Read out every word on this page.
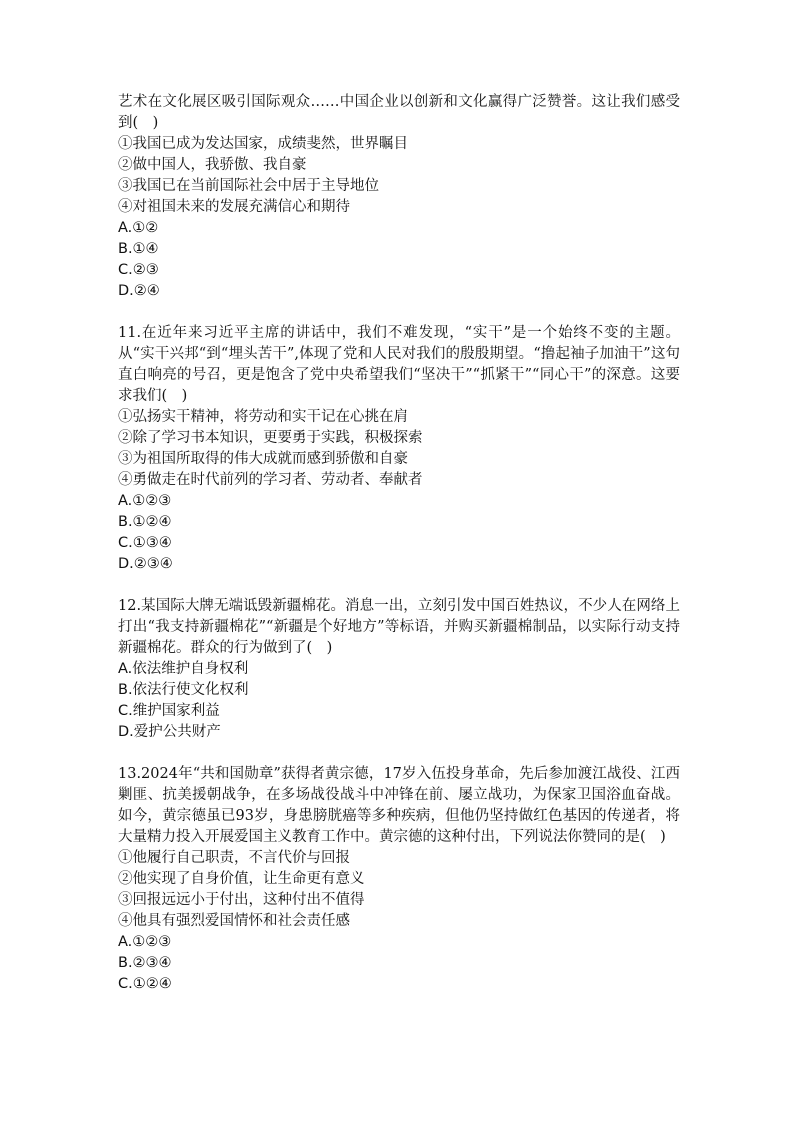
艺术在文化展区吸引国际观众……中国企业以创新和文化赢得广泛赞誉。这让我们感受到(　)

①我国已成为发达国家，成绩斐然，世界瞩目

②做中国人，我骄傲、我自豪

③我国已在当前国际社会中居于主导地位

④对祖国未来的发展充满信心和期待

A.①②

B.①④

C.②③

D.②④

11.在近年来习近平主席的讲话中，我们不难发现，“实干”是一个始终不变的主题。从“实干兴邦“到“埋头苦干”,体现了党和人民对我们的殷殷期望。“撸起袖子加油干”这句直白响亮的号召，更是饱含了党中央希望我们“坚决干”“抓紧干”“同心干”的深意。这要求我们(　)

①弘扬实干精神，将劳动和实干记在心挑在肩

②除了学习书本知识，更要勇于实践，积极探索

③为祖国所取得的伟大成就而感到骄傲和自豪

④勇做走在时代前列的学习者、劳动者、奉献者

A.①②③

B.①②④

C.①③④

D.②③④

12.某国际大牌无端诋毁新疆棉花。消息一出，立刻引发中国百姓热议，不少人在网络上打出“我支持新疆棉花”“新疆是个好地方”等标语，并购买新疆棉制品，以实际行动支持新疆棉花。群众的行为做到了(　)

A.依法维护自身权利

B.依法行使文化权利

C.维护国家利益

D.爱护公共财产

13.2024年“共和国勋章”获得者黄宗德，17岁入伍投身革命，先后参加渡江战役、江西剿匪、抗美援朝战争，在多场战役战斗中冲锋在前、屡立战功，为保家卫国浴血奋战。如今，黄宗德虽已93岁，身患膀胱癌等多种疾病，但他仍坚持做红色基因的传递者，将大量精力投入开展爱国主义教育工作中。黄宗德的这种付出，下列说法你赞同的是(　)

①他履行自己职责，不言代价与回报

②他实现了自身价值，让生命更有意义

③回报远远小于付出，这种付出不值得

④他具有强烈爱国情怀和社会责任感

A.①②③

B.②③④

C.①②④
